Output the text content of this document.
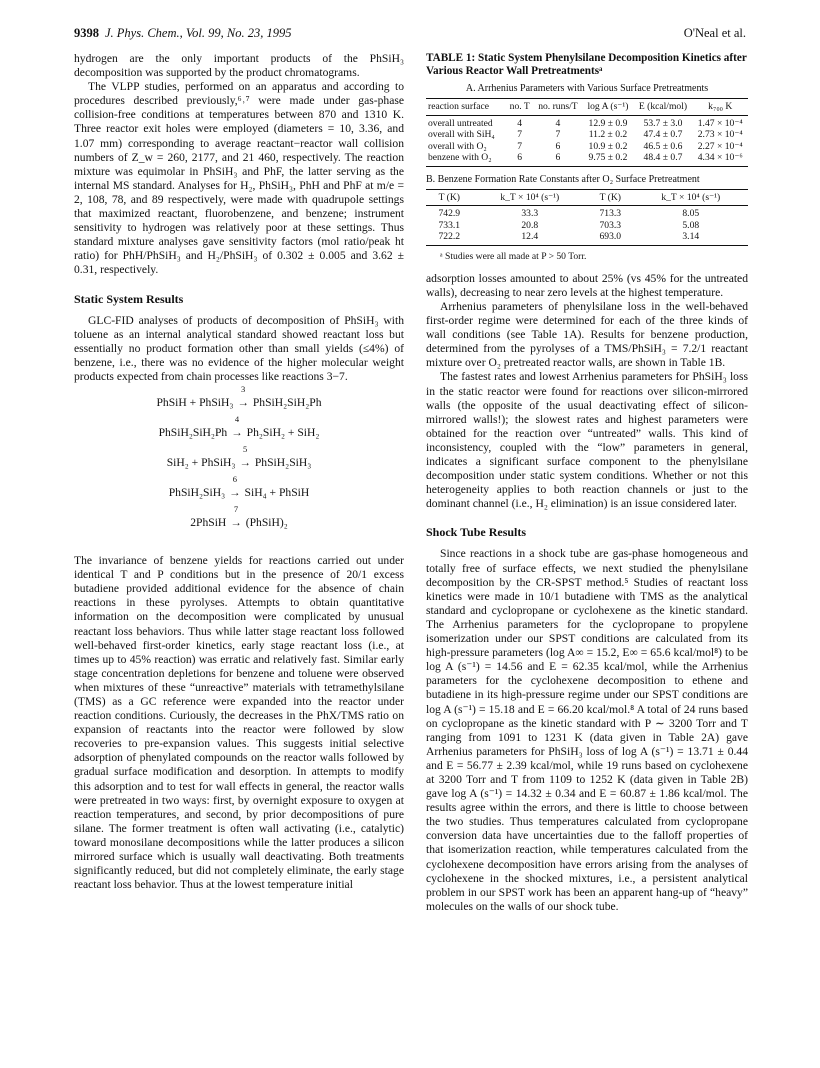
9398 J. Phys. Chem., Vol. 99, No. 23, 1995	O'Neal et al.

hydrogen are the only important products of the PhSiH₃ decomposition was supported by the product chromatograms.

The VLPP studies, performed on an apparatus and according to procedures described previously,⁶˒⁷ were made under gas-phase collision-free conditions at temperatures between 870 and 1310 K. Three reactor exit holes were employed (diameters = 10, 3.36, and 1.07 mm) corresponding to average reactant−reactor wall collision numbers of Z_w = 260, 2177, and 21 460, respectively. The reaction mixture was equimolar in PhSiH₃ and PhF, the latter serving as the internal MS standard. Analyses for H₂, PhSiH₃, PhH and PhF at m/e = 2, 108, 78, and 89 respectively, were made with quadrupole settings that maximized reactant, fluorobenzene, and benzene; instrument sensitivity to hydrogen was relatively poor at these settings. Thus standard mixture analyses gave sensitivity factors (mol ratio/peak ht ratio) for PhH/PhSiH₃ and H₂/PhSiH₃ of 0.302 ± 0.005 and 3.62 ± 0.31, respectively.

Static System Results

GLC-FID analyses of products of decomposition of PhSiH₃ with toluene as an internal analytical standard showed reactant loss but essentially no product formation other than small yields (≤4%) of benzene, i.e., there was no evidence of the higher molecular weight products expected from chain processes like reactions 3−7.

PhSiH + PhSiH₃
3
→ PhSiH₂SiH₂Ph
PhSiH₂SiH₂Ph
4
→ Ph₂SiH₂ + SiH₂
SiH₂ + PhSiH₃
5
→ PhSiH₂SiH₃
PhSiH₂SiH₃
6
→ SiH₄ + PhSiH
2PhSiH
7
→ (PhSiH)₂

The invariance of benzene yields for reactions carried out under identical T and P conditions but in the presence of 20/1 excess butadiene provided additional evidence for the absence of chain reactions in these pyrolyses. Attempts to obtain quantitative information on the decomposition were complicated by unusual reactant loss behaviors. Thus while latter stage reactant loss followed well-behaved first-order kinetics, early stage reactant loss (i.e., at times up to 45% reaction) was erratic and relatively fast. Similar early stage concentration depletions for benzene and toluene were observed when mixtures of these “unreactive” materials with tetramethylsilane (TMS) as a GC reference were expanded into the reactor under reaction conditions. Curiously, the decreases in the PhX/TMS ratio on expansion of reactants into the reactor were followed by slow recoveries to pre-expansion values. This suggests initial selective adsorption of phenylated compounds on the reactor walls followed by gradual surface modification and desorption. In attempts to modify this adsorption and to test for wall effects in general, the reactor walls were pretreated in two ways: first, by overnight exposure to oxygen at reaction temperatures, and second, by prior decompositions of pure silane. The former treatment is often wall activating (i.e., catalytic) toward monosilane decompositions while the latter produces a silicon mirrored surface which is usually wall deactivating. Both treatments significantly reduced, but did not completely eliminate, the early stage reactant loss behavior. Thus at the lowest temperature initial

TABLE 1: Static System Phenylsilane Decomposition Kinetics after Various Reactor Wall Pretreatmentsᵃ
A. Arrhenius Parameters with Various Surface Pretreatments
reaction surface	no. T	no. runs/T	log A (s⁻¹)	E (kcal/mol)	k₇₀₀ K
overall untreated	4	4	12.9 ± 0.9	53.7 ± 3.0	1.47 × 10⁻⁴
overall with SiH₄	7	7	11.2 ± 0.2	47.4 ± 0.7	2.73 × 10⁻⁴
overall with O₂	7	6	10.9 ± 0.2	46.5 ± 0.6	2.27 × 10⁻⁴
benzene with O₂	6	6	9.75 ± 0.2	48.4 ± 0.7	4.34 × 10⁻⁶
B. Benzene Formation Rate Constants after O₂ Surface Pretreatment
T (K)	k_T × 10⁴ (s⁻¹)	T (K)	k_T × 10⁴ (s⁻¹)
742.9	33.3	713.3	8.05
733.1	20.8	703.3	5.08
722.2	12.4	693.0	3.14
ᵃ Studies were all made at P > 50 Torr.

adsorption losses amounted to about 25% (vs 45% for the untreated walls), decreasing to near zero levels at the highest temperature.

Arrhenius parameters of phenylsilane loss in the well-behaved first-order regime were determined for each of the three kinds of wall conditions (see Table 1A). Results for benzene production, determined from the pyrolyses of a TMS/PhSiH₃ = 7.2/1 reactant mixture over O₂ pretreated reactor walls, are shown in Table 1B.

The fastest rates and lowest Arrhenius parameters for PhSiH₃ loss in the static reactor were found for reactions over silicon-mirrored walls (the opposite of the usual deactivating effect of silicon-mirrored walls!); the slowest rates and highest parameters were obtained for the reaction over “untreated” walls. This kind of inconsistency, coupled with the “low” parameters in general, indicates a significant surface component to the phenylsilane decomposition under static system conditions. Whether or not this heterogeneity applies to both reaction channels or just to the dominant channel (i.e., H₂ elimination) is an issue considered later.

Shock Tube Results

Since reactions in a shock tube are gas-phase homogeneous and totally free of surface effects, we next studied the phenylsilane decomposition by the CR-SPST method.⁵ Studies of reactant loss kinetics were made in 10/1 butadiene with TMS as the analytical standard and cyclopropane or cyclohexene as the kinetic standard. The Arrhenius parameters for the cyclopropane to propylene isomerization under our SPST conditions are calculated from its high-pressure parameters (log A∞ = 15.2, E∞ = 65.6 kcal/mol⁸) to be log A (s⁻¹) = 14.56 and E = 62.35 kcal/mol, while the Arrhenius parameters for the cyclohexene decomposition to ethene and butadiene in its high-pressure regime under our SPST conditions are log A (s⁻¹) = 15.18 and E = 66.20 kcal/mol.⁸ A total of 24 runs based on cyclopropane as the kinetic standard with P ∼ 3200 Torr and T ranging from 1091 to 1231 K (data given in Table 2A) gave Arrhenius parameters for PhSiH₃ loss of log A (s⁻¹) = 13.71 ± 0.44 and E = 56.77 ± 2.39 kcal/mol, while 19 runs based on cyclohexene at 3200 Torr and T from 1109 to 1252 K (data given in Table 2B) gave log A (s⁻¹) = 14.32 ± 0.34 and E = 60.87 ± 1.86 kcal/mol. The results agree within the errors, and there is little to choose between the two studies. Thus temperatures calculated from cyclopropane conversion data have uncertainties due to the falloff properties of that isomerization reaction, while temperatures calculated from the cyclohexene decomposition have errors arising from the analyses of cyclohexene in the shocked mixtures, i.e., a persistent analytical problem in our SPST work has been an apparent hang-up of “heavy” molecules on the walls of our shock tube.
